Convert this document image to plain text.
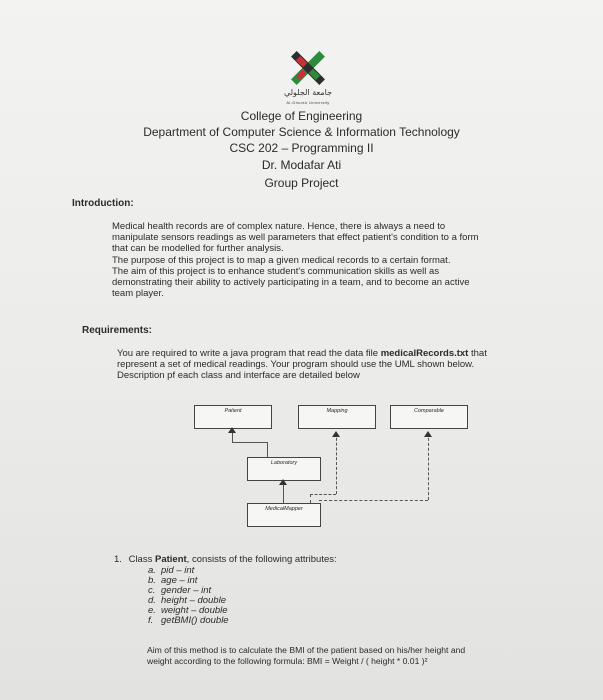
جامعة الجلولي
Al-Ghurair University
College of Engineering
Department of Computer Science & Information Technology
CSC 202 – Programming II
Dr. Modafar Ati
Group Project
Introduction:
Medical health records are of complex nature. Hence, there is always a need to
manipulate sensors readings as well parameters that effect patient's condition to a form
that can be modelled for further analysis.
The purpose of this project is to map a given medical records to a certain format.
The aim of this project is to enhance student's communication skills as well as
demonstrating their ability to actively participating in a team, and to become an active
team player.
Requirements:
You are required to write a java program that read the data file medicalRecords.txt that
represent a set of medical readings. Your program should use the UML shown below.
Description pf each class and interface are detailed below
Patient	Mapping	Comparable
Laboratory
MedicalMapper
1. Class Patient, consists of the following attributes:
a. pid – int
b. age – int
c. gender – int
d. height – double
e. weight – double
f. getBMI() double
Aim of this method is to calculate the BMI of the patient based on his/her height and
weight according to the following formula: BMI = Weight / ( height * 0.01 )²
